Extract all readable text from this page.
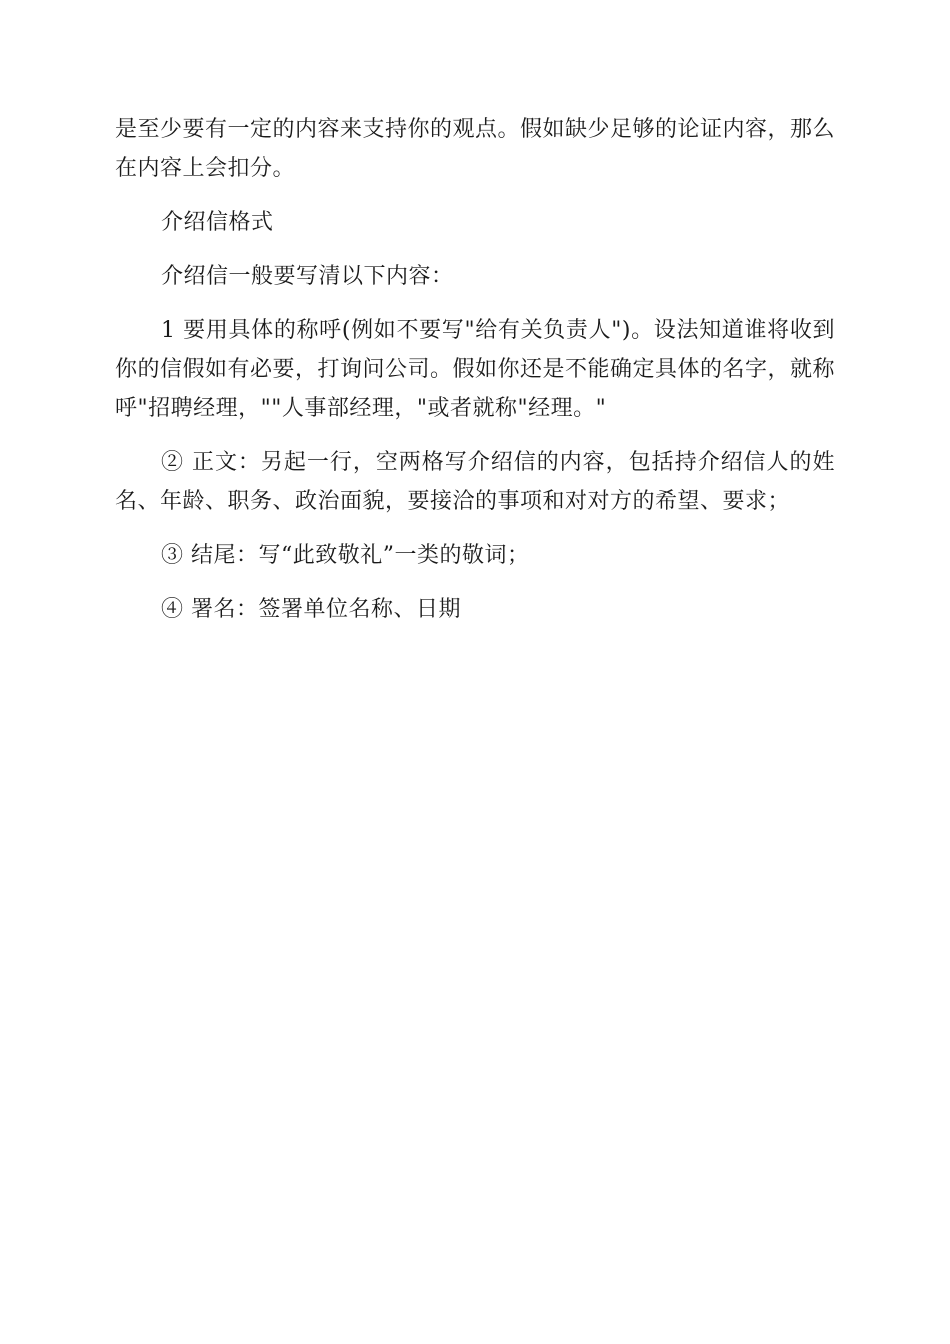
是至少要有一定的内容来支持你的观点。假如缺少足够的论证内容，那么在内容上会扣分。

介绍信格式

介绍信一般要写清以下内容：

1 要用具体的称呼(例如不要写"给有关负责人")。设法知道谁将收到你的信假如有必要，打询问公司。假如你还是不能确定具体的名字，就称呼"招聘经理，""人事部经理，"或者就称"经理。"

② 正文：另起一行，空两格写介绍信的内容，包括持介绍信人的姓名、年龄、职务、政治面貌，要接洽的事项和对对方的希望、要求；

③ 结尾：写“此致敬礼”一类的敬词；

④ 署名：签署单位名称、日期
